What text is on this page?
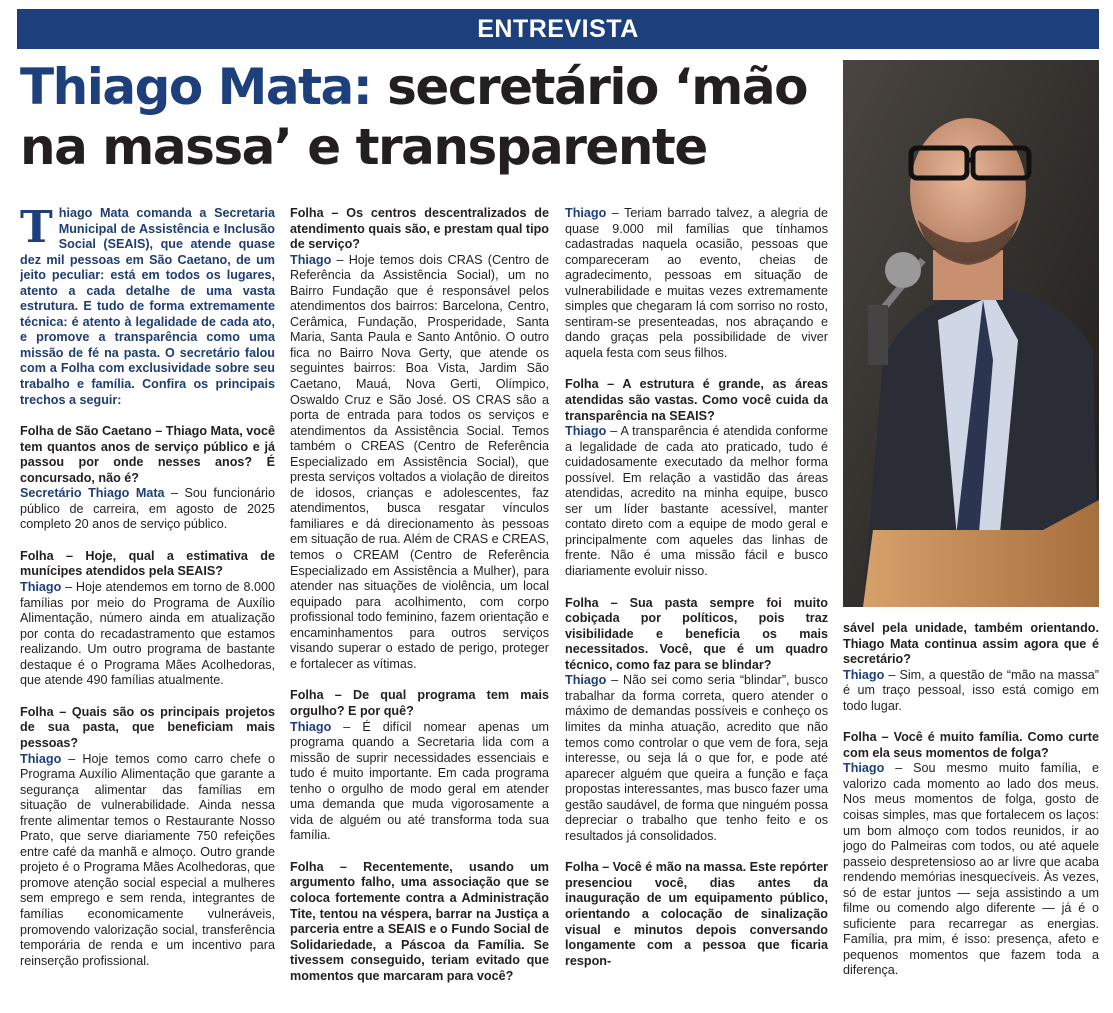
ENTREVISTA
Thiago Mata: secretário ‘mão na massa’ e transparente

Thiago Mata comanda a Secretaria Municipal de Assistência e Inclusão Social (SEAIS), que atende quase dez mil pessoas em São Caetano, de um jeito peculiar: está em todos os lugares, atento a cada detalhe de uma vasta estrutura. E tudo de forma extremamente técnica: é atento à legalidade de cada ato, e promove a transparência como uma missão de fé na pasta. O secretário falou com a Folha com exclusividade sobre seu trabalho e família. Confira os principais trechos a seguir:

Folha de São Caetano – Thiago Mata, você tem quantos anos de serviço público e já passou por onde nesses anos? É concursado, não é?

Secretário Thiago Mata – Sou funcionário público de carreira, em agosto de 2025 completo 20 anos de serviço público.

Folha – Hoje, qual a estimativa de munícipes atendidos pela SEAIS?

Thiago – Hoje atendemos em torno de 8.000 famílias por meio do Programa de Auxílio Alimentação, número ainda em atualização por conta do recadastramento que estamos realizando. Um outro programa de bastante destaque é o Programa Mães Acolhedoras, que atende 490 famílias atualmente.

Folha – Quais são os principais projetos de sua pasta, que beneficiam mais pessoas?

Thiago – Hoje temos como carro chefe o Programa Auxílio Alimentação que garante a segurança alimentar das famílias em situação de vulnerabilidade. Ainda nessa frente alimentar temos o Restaurante Nosso Prato, que serve diariamente 750 refeições entre café da manhã e almoço. Outro grande projeto é o Programa Mães Acolhedoras, que promove atenção social especial a mulheres sem emprego e sem renda, integrantes de famílias economicamente vulneráveis, promovendo valorização social, transferência temporária de renda e um incentivo para reinserção profissional.

Folha – Os centros descentralizados de atendimento quais são, e prestam qual tipo de serviço?

Thiago – Hoje temos dois CRAS (Centro de Referência da Assistência Social), um no Bairro Fundação que é responsável pelos atendimentos dos bairros: Barcelona, Centro, Cerâmica, Fundação, Prosperidade, Santa Maria, Santa Paula e Santo Antônio. O outro fica no Bairro Nova Gerty, que atende os seguintes bairros: Boa Vista, Jardim São Caetano, Mauá, Nova Gerti, Olímpico, Oswaldo Cruz e São José. OS CRAS são a porta de entrada para todos os serviços e atendimentos da Assistência Social. Temos também o CREAS (Centro de Referência Especializado em Assistência Social), que presta serviços voltados a violação de direitos de idosos, crianças e adolescentes, faz atendimentos, busca resgatar vínculos familiares e dá direcionamento às pessoas em situação de rua. Além de CRAS e CREAS, temos o CREAM (Centro de Referência Especializado em Assistência a Mulher), para atender nas situações de violência, um local equipado para acolhimento, com corpo profissional todo feminino, fazem orientação e encaminhamentos para outros serviços visando superar o estado de perigo, proteger e fortalecer as vítimas.

Folha – De qual programa tem mais orgulho? E por quê?

Thiago – É difícil nomear apenas um programa quando a Secretaria lida com a missão de suprir necessidades essenciais e tudo é muito importante. Em cada programa tenho o orgulho de modo geral em atender uma demanda que muda vigorosamente a vida de alguém ou até transforma toda sua família.

Folha – Recentemente, usando um argumento falho, uma associação que se coloca fortemente contra a Administração Tite, tentou na véspera, barrar na Justiça a parceria entre a SEAIS e o Fundo Social de Solidariedade, a Páscoa da Família. Se tivessem conseguido, teriam evitado que momentos que marcaram para você?

Thiago – Teriam barrado talvez, a alegria de quase 9.000 mil famílias que tínhamos cadastradas naquela ocasião, pessoas que compareceram ao evento, cheias de agradecimento, pessoas em situação de vulnerabilidade e muitas vezes extremamente simples que chegaram lá com sorriso no rosto, sentiram-se presenteadas, nos abraçando e dando graças pela possibilidade de viver aquela festa com seus filhos.

Folha – A estrutura é grande, as áreas atendidas são vastas. Como você cuida da transparência na SEAIS?

Thiago – A transparência é atendida conforme a legalidade de cada ato praticado, tudo é cuidadosamente executado da melhor forma possível. Em relação a vastidão das áreas atendidas, acredito na minha equipe, busco ser um líder bastante acessível, manter contato direto com a equipe de modo geral e principalmente com aqueles das linhas de frente. Não é uma missão fácil e busco diariamente evoluir nisso.

Folha – Sua pasta sempre foi muito cobiçada por políticos, pois traz visibilidade e beneficia os mais necessitados. Você, que é um quadro técnico, como faz para se blindar?

Thiago – Não sei como seria “blindar”, busco trabalhar da forma correta, quero atender o máximo de demandas possíveis e conheço os limites da minha atuação, acredito que não temos como controlar o que vem de fora, seja interesse, ou seja lá o que for, e pode até aparecer alguém que queira a função e faça propostas interessantes, mas busco fazer uma gestão saudável, de forma que ninguém possa depreciar o trabalho que tenho feito e os resultados já consolidados.

Folha – Você é mão na massa. Este repórter presenciou você, dias antes da inauguração de um equipamento público, orientando a colocação de sinalização visual e minutos depois conversando longamente com a pessoa que ficaria respon-

sável pela unidade, também orientando. Thiago Mata continua assim agora que é secretário?

Thiago – Sim, a questão de “mão na massa” é um traço pessoal, isso está comigo em todo lugar.

Folha – Você é muito família. Como curte com ela seus momentos de folga?

Thiago – Sou mesmo muito família, e valorizo cada momento ao lado dos meus. Nos meus momentos de folga, gosto de coisas simples, mas que fortalecem os laços: um bom almoço com todos reunidos, ir ao jogo do Palmeiras com todos, ou até aquele passeio despretensioso ao ar livre que acaba rendendo memórias inesquecíveis. Às vezes, só de estar juntos — seja assistindo a um filme ou comendo algo diferente — já é o suficiente para recarregar as energias. Família, pra mim, é isso: presença, afeto e pequenos momentos que fazem toda a diferença.
